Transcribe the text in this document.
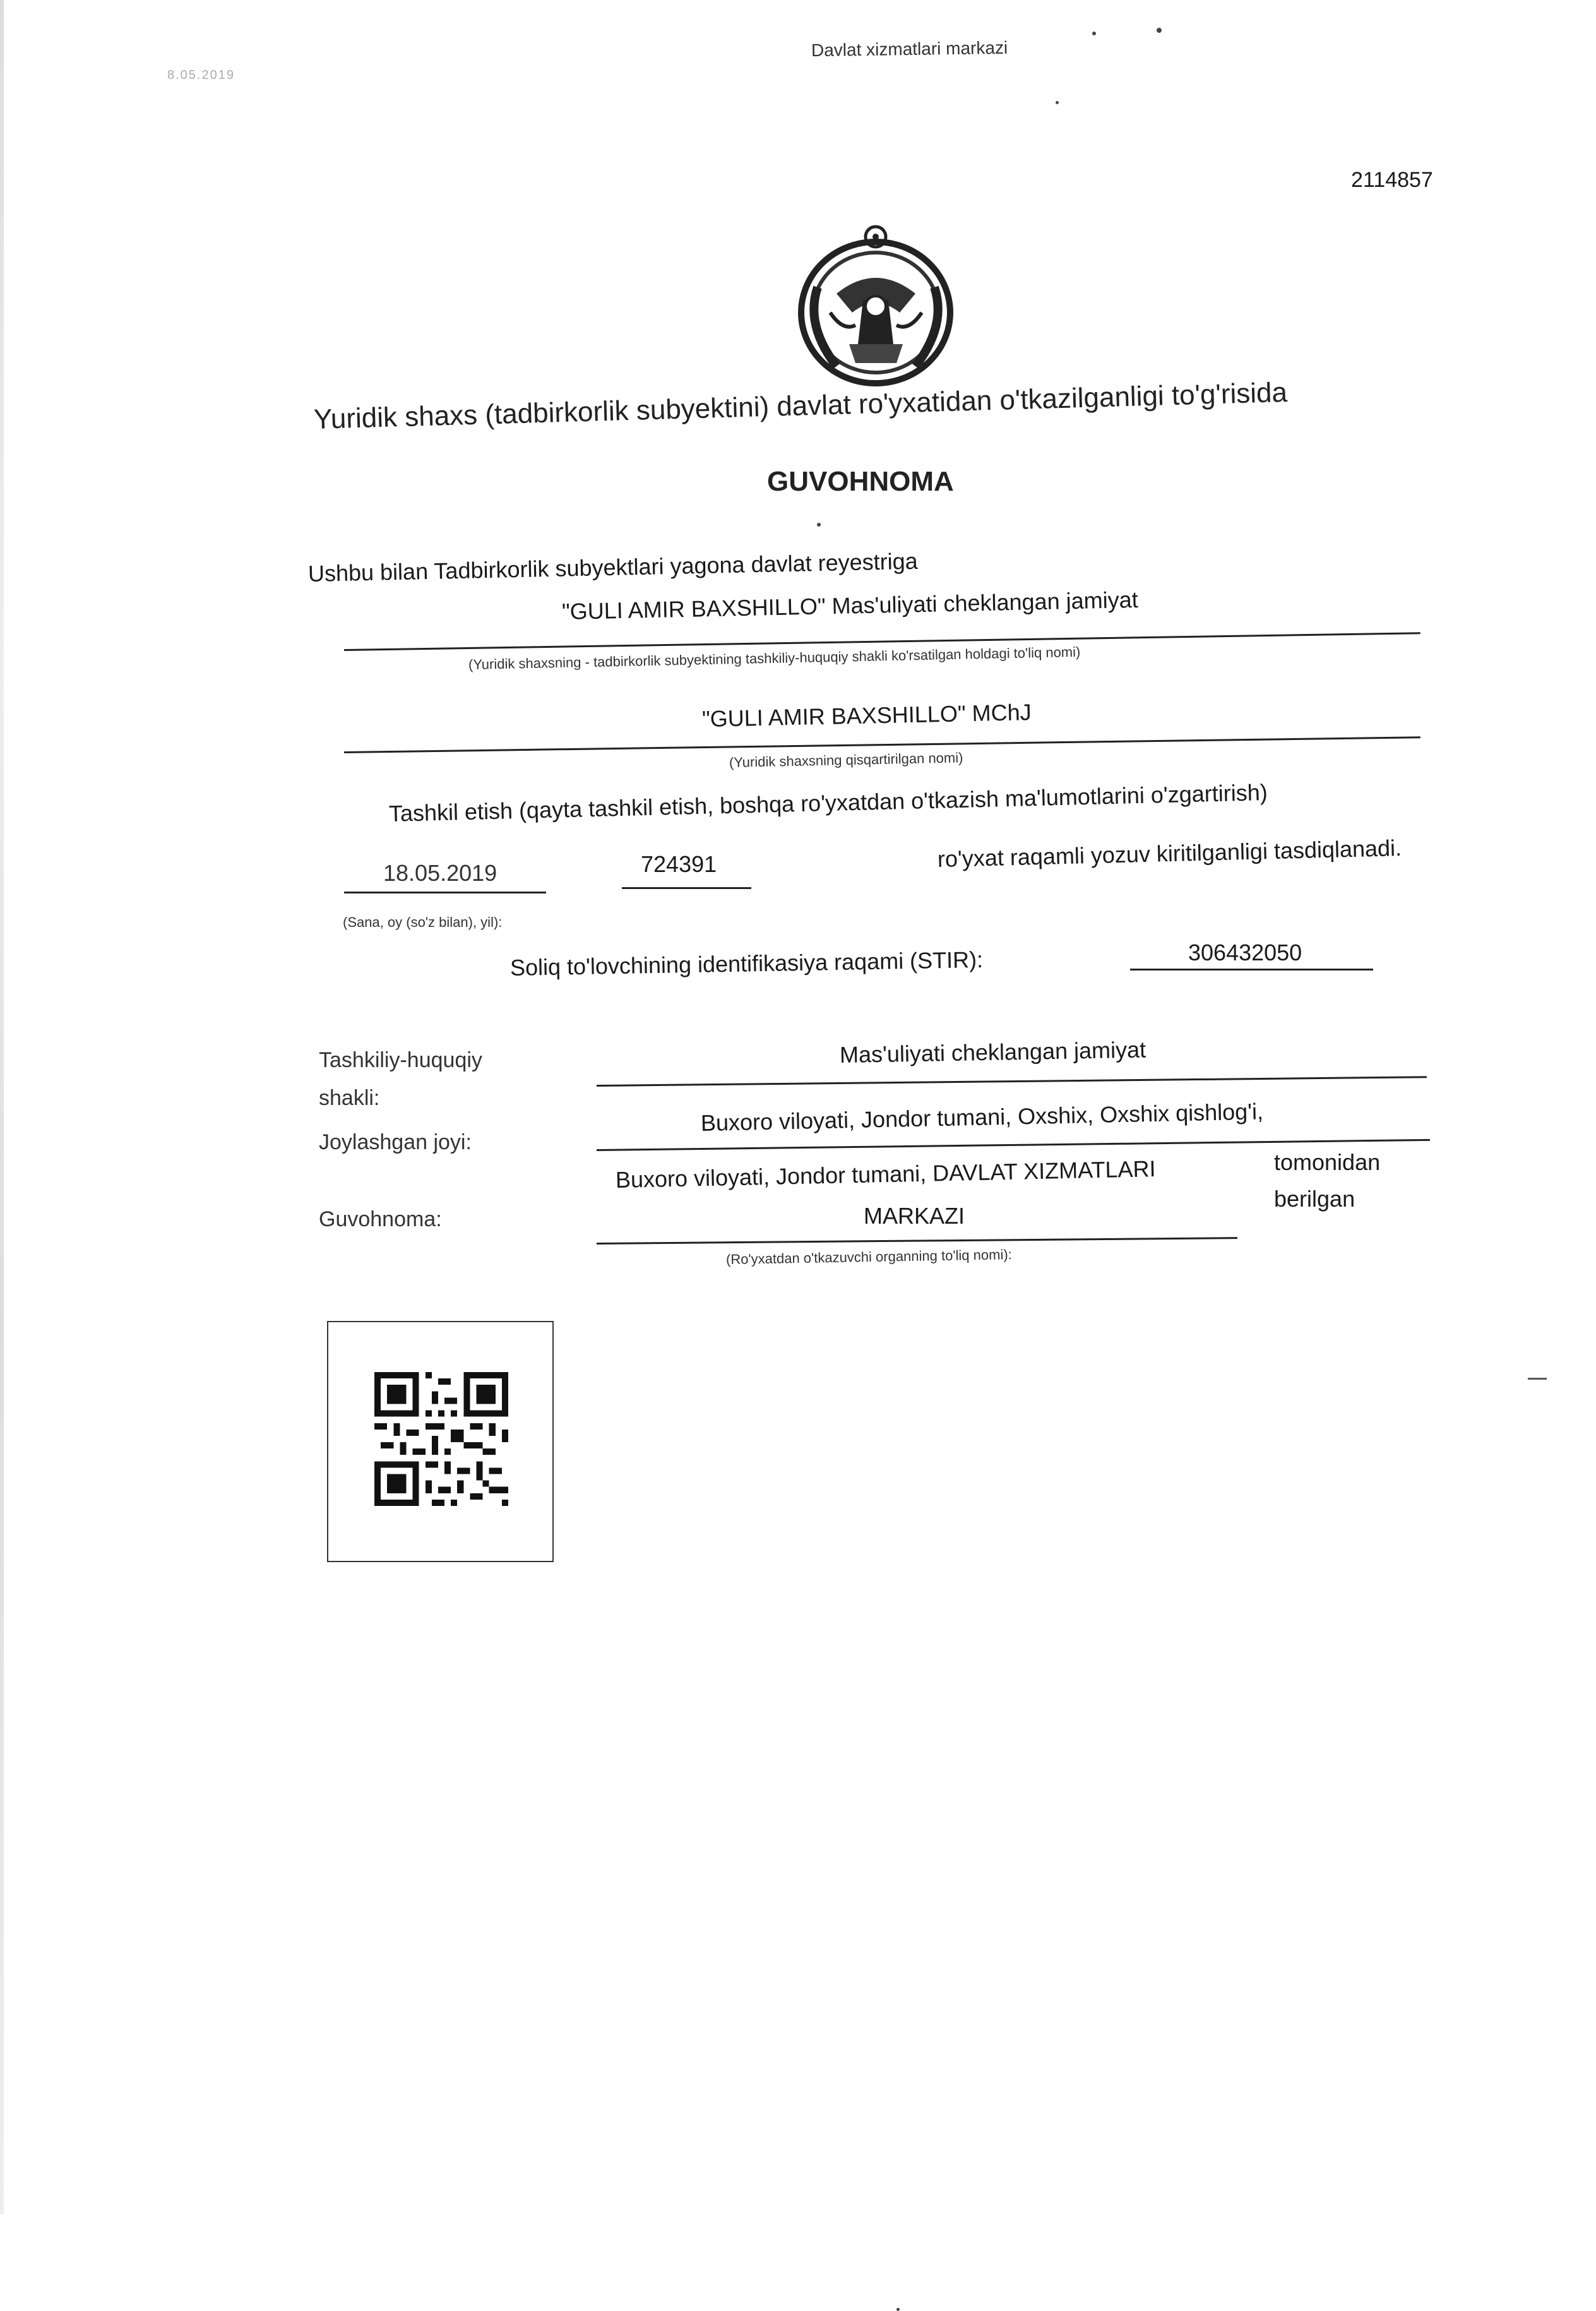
8.05.2019
Davlat xizmatlari markazi
2114857
Yuridik shaxs (tadbirkorlik subyektini) davlat ro'yxatidan o'tkazilganligi to'g'risida
GUVOHNOMA
Ushbu bilan Tadbirkorlik subyektlari yagona davlat reyestriga
"GULI AMIR BAXSHILLO" Mas'uliyati cheklangan jamiyat
(Yuridik shaxsning - tadbirkorlik subyektining tashkiliy-huquqiy shakli ko'rsatilgan holdagi to'liq nomi)
"GULI AMIR BAXSHILLO" MChJ
(Yuridik shaxsning qisqartirilgan nomi)
Tashkil etish (qayta tashkil etish, boshqa ro'yxatdan o'tkazish ma'lumotlarini o'zgartirish)
18.05.2019	724391	ro'yxat raqamli yozuv kiritilganligi tasdiqlanadi.
(Sana, oy (so'z bilan), yil):
Soliq to'lovchining identifikasiya raqami (STIR):	306432050
Tashkiliy-huquqiy
shakli:
Mas'uliyati cheklangan jamiyat
Joylashgan joyi:
Buxoro viloyati, Jondor tumani, Oxshix, Oxshix qishlog'i,
Guvohnoma:
Buxoro viloyati, Jondor tumani, DAVLAT XIZMATLARI
MARKAZI
tomonidan
berilgan
(Ro'yxatdan o'tkazuvchi organning to'liq nomi):
